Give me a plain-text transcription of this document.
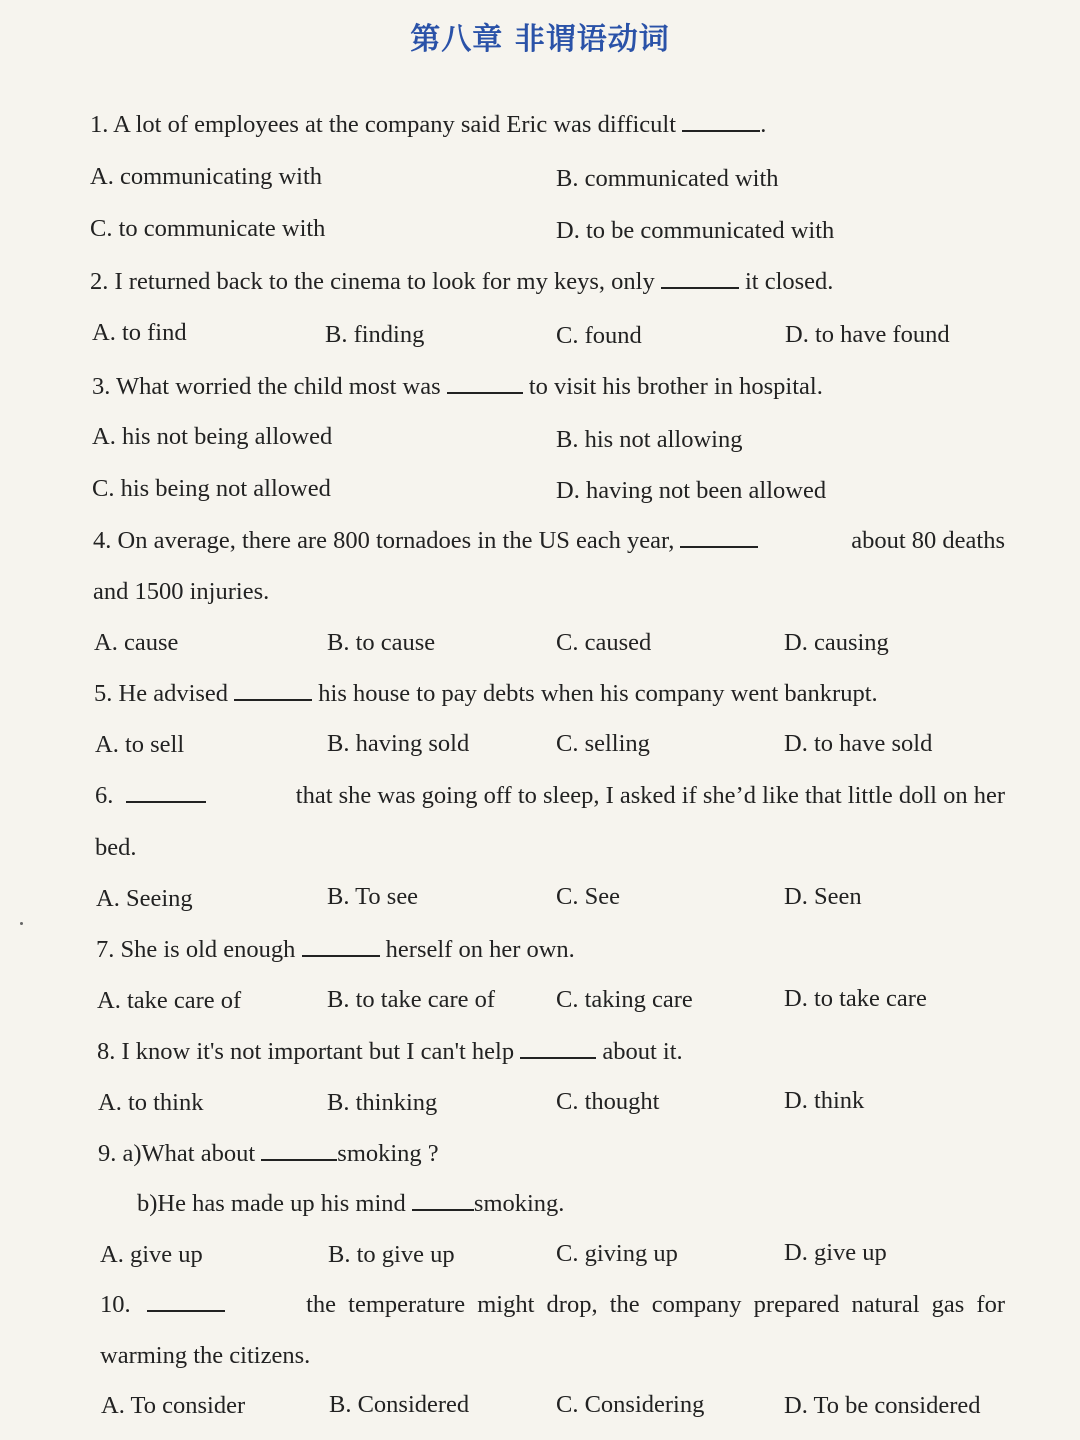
第八章 非谓语动词
1. A lot of employees at the company said Eric was difficult	.
A. communicating with	B. communicated with
C. to communicate with	D. to be communicated with
2. I returned back to the cinema to look for my keys, only	it closed.
A. to find	B. finding	C. found	D. to have found
3. What worried the child most was	to visit his brother in hospital.
A. his not being allowed	B. his not allowing
C. his being not allowed	D. having not been allowed
4. On average, there are 800 tornadoes in the US each year,	about 80 deaths
and 1500 injuries.
A. cause	B. to cause	C. caused	D. causing
5. He advised	his house to pay debts when his company went bankrupt.
A. to sell	B. having sold	C. selling	D. to have sold
6.	that she was going off to sleep, I asked if she’d like that little doll on her
bed.
A. Seeing	B. To see	C. See	D. Seen
7. She is old enough	herself on her own.
A. take care of	B. to take care of C. taking care	D. to take care
8. I know it's not important but I can't help	about it.
A. to think	B. thinking	C. thought	D. think
9. a)What about	smoking ?
b)He has made up his mind	smoking.
A. give up	B. to give up	C. giving up	D. give up
10.	the temperature might drop, the company prepared natural gas for
warming the citizens.
A. To consider	B. Considered	C. Considering	D. To be considered
